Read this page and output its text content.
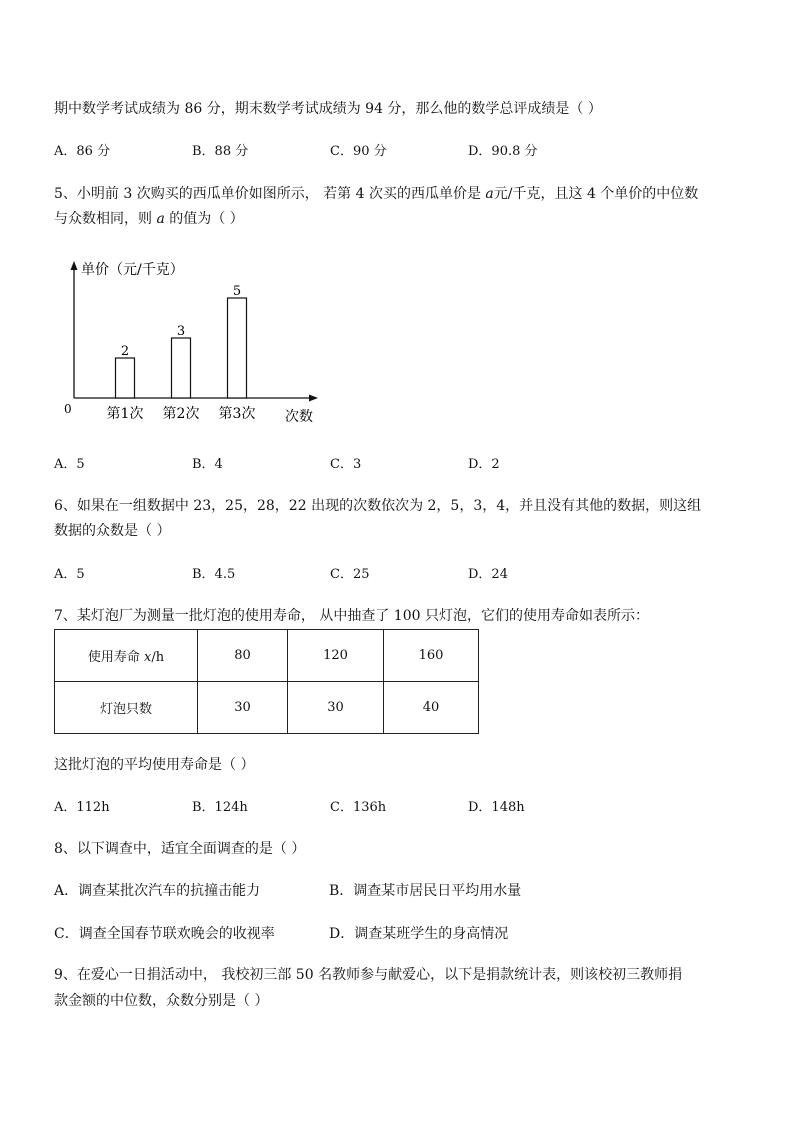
期中数学考试成绩为 86 分，期末数学考试成绩为 94 分，那么他的数学总评成绩是（ ）
A．86 分	B．88 分	C．90 分	D．90.8 分
5、小明前 3 次购买的西瓜单价如图所示， 若第 4 次买的西瓜单价是 a元/千克，且这 4 个单价的中位数
与众数相同，则 a 的值为（ ）
单价（元/千克）
0	次数
2
第1次
3
第2次
5
第3次
A．5	B．4	C．3	D．2
6、如果在一组数据中 23，25，28，22 出现的次数依次为 2，5，3，4，并且没有其他的数据，则这组
数据的众数是（ ）
A．5	B．4.5	C．25	D．24
7、某灯泡厂为测量一批灯泡的使用寿命， 从中抽查了 100 只灯泡，它们的使用寿命如表所示：
使用寿命 x/h	80	120	160
灯泡只数	30	30	40
这批灯泡的平均使用寿命是（ ）
A．112h	B．124h	C．136h	D．148h
8、以下调查中，适宜全面调查的是（ ）
A．调查某批次汽车的抗撞击能力	B．调查某市居民日平均用水量
C．调查全国春节联欢晚会的收视率	D．调查某班学生的身高情况
9、在爱心一日捐活动中， 我校初三部 50 名教师参与献爱心，以下是捐款统计表，则该校初三教师捐
款金额的中位数，众数分别是（ ）
